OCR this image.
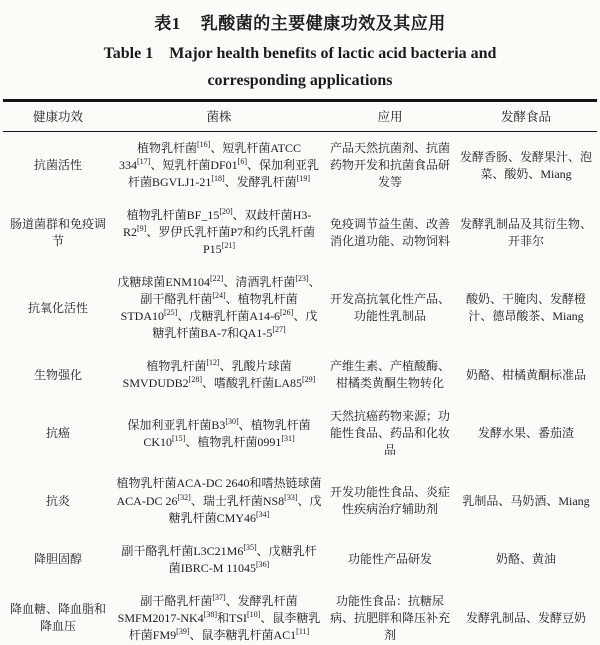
表1 乳酸菌的主要健康功效及其应用
Table 1 Major health benefits of lactic acid bacteria and
corresponding applications
健康功效	菌株	应用	发酵食品
抗菌活性	植物乳杆菌[16]、短乳杆菌ATCC 334[17]、短乳杆菌DF01[6]、保加利亚乳杆菌BGVLJ1-21[18]、发酵乳杆菌[19]	产品天然抗菌剂、抗菌药物开发和抗菌食品研发等	发酵香肠、发酵果汁、泡菜、酸奶、Miang
肠道菌群和免疫调节	植物乳杆菌BF_15[20]、双歧杆菌H3-R2[9]、罗伊氏乳杆菌P7和约氏乳杆菌P15[21]	免疫调节益生菌、改善消化道功能、动物饲料	发酵乳制品及其衍生物、开菲尔
抗氧化活性	戊糖球菌ENM104[22]、清酒乳杆菌[23]、副干酪乳杆菌[24]、植物乳杆菌STDA10[25]、戊糖乳杆菌A14-6[26]、戊糖乳杆菌BA-7和QA1-5[27]	开发高抗氧化性产品、功能性乳制品	酸奶、干腌肉、发酵橙汁、德昂酸茶、Miang
生物强化	植物乳杆菌[12]、乳酸片球菌SMVDUDB2[28]、嗜酸乳杆菌LA85[29]	产维生素、产植酸酶、柑橘类黄酮生物转化	奶酪、柑橘黄酮标准品
抗癌	保加利亚乳杆菌B3[30]、植物乳杆菌CK10[15]、植物乳杆菌0991[31]	天然抗癌药物来源；功能性食品、药品和化妆品	发酵水果、番茄渣
抗炎	植物乳杆菌ACA-DC 2640和嗜热链球菌ACA-DC 26[32]、瑞士乳杆菌NS8[33]、戊糖乳杆菌CMY46[34]	开发功能性食品、炎症性疾病治疗辅助剂	乳制品、马奶酒、Miang
降胆固醇	副干酪乳杆菌L3C21M6[35]、戊糖乳杆菌IBRC-M 11045[36]	功能性产品研发	奶酪、黄油
降血糖、降血脂和降血压	副干酪乳杆菌[37]、发酵乳杆菌SMFM2017-NK4[38]和TSI[10]、鼠李糖乳杆菌FM9[39]、鼠李糖乳杆菌AC1[11]	功能性食品：抗糖尿病、抗肥胖和降压补充剂	发酵乳制品、发酵豆奶
